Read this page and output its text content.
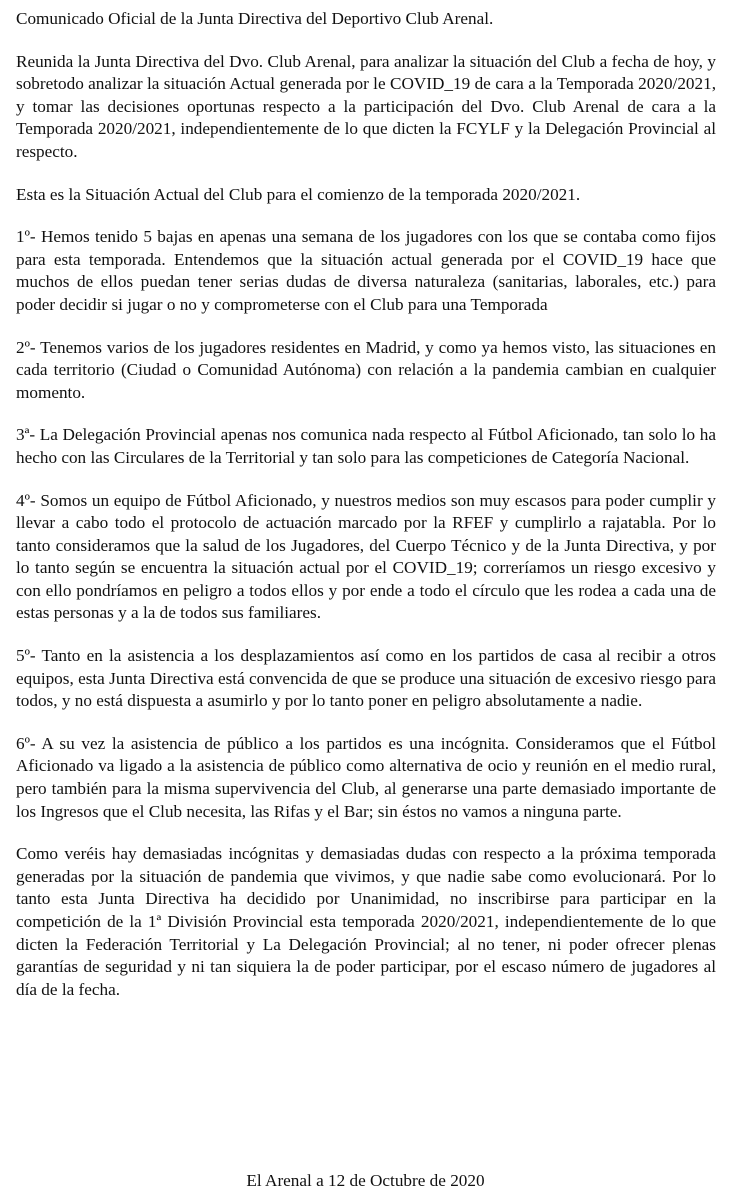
Comunicado Oficial de la Junta Directiva del Deportivo Club Arenal.

Reunida la Junta Directiva del Dvo. Club Arenal, para analizar la situación del Club a fecha de hoy, y sobretodo analizar la situación Actual generada por le COVID_19 de cara a la Temporada 2020/2021, y tomar las decisiones oportunas respecto a la participación del Dvo. Club Arenal de cara a la Temporada 2020/2021, independientemente de lo que dicten la FCYLF y la Delegación Provincial al respecto.

Esta es la Situación Actual del Club para el comienzo de la temporada 2020/2021.

1º- Hemos tenido 5 bajas en apenas una semana de los jugadores con los que se contaba como fijos para esta temporada. Entendemos que la situación actual generada por el COVID_19 hace que muchos de ellos puedan tener serias dudas de diversa naturaleza (sanitarias, laborales, etc.) para poder decidir si jugar o no y comprometerse con el Club para una Temporada

2º- Tenemos varios de los jugadores residentes en Madrid, y como ya hemos visto, las situaciones en cada territorio (Ciudad o Comunidad Autónoma) con relación a la pandemia cambian en cualquier momento.

3ª- La Delegación Provincial apenas nos comunica nada respecto al Fútbol Aficionado, tan solo lo ha hecho con las Circulares de la Territorial y tan solo para las competiciones de Categoría Nacional.

4º- Somos un equipo de Fútbol Aficionado, y nuestros medios son muy escasos para poder cumplir y llevar a cabo todo el protocolo de actuación marcado por la RFEF y cumplirlo a rajatabla. Por lo tanto consideramos que la salud de los Jugadores, del Cuerpo Técnico y de la Junta Directiva, y por lo tanto según se encuentra la situación actual por el COVID_19; correríamos un riesgo excesivo y con ello pondríamos en peligro a todos ellos y por ende a todo el círculo que les rodea a cada una de estas personas y a la de todos sus familiares.

5º- Tanto en la asistencia a los desplazamientos así como en los partidos de casa al recibir a otros equipos, esta Junta Directiva está convencida de que se produce una situación de excesivo riesgo para todos, y no está dispuesta a asumirlo y por lo tanto poner en peligro absolutamente a nadie.

6º- A su vez la asistencia de público a los partidos es una incógnita. Consideramos que el Fútbol Aficionado va ligado a la asistencia de público como alternativa de ocio y reunión en el medio rural, pero también para la misma supervivencia del Club, al generarse una parte demasiado importante de los Ingresos que el Club necesita, las Rifas y el Bar; sin éstos no vamos a ninguna parte.

Como veréis hay demasiadas incógnitas y demasiadas dudas con respecto a la próxima temporada generadas por la situación de pandemia que vivimos, y que nadie sabe como evolucionará. Por lo tanto esta Junta Directiva ha decidido por Unanimidad, no inscribirse para participar en la competición de la 1ª División Provincial esta temporada 2020/2021, independientemente de lo que dicten la Federación Territorial y La Delegación Provincial; al no tener, ni poder ofrecer plenas garantías de seguridad y ni tan siquiera la de poder participar, por el escaso número de jugadores al día de la fecha.

El Arenal a 12 de Octubre de 2020
